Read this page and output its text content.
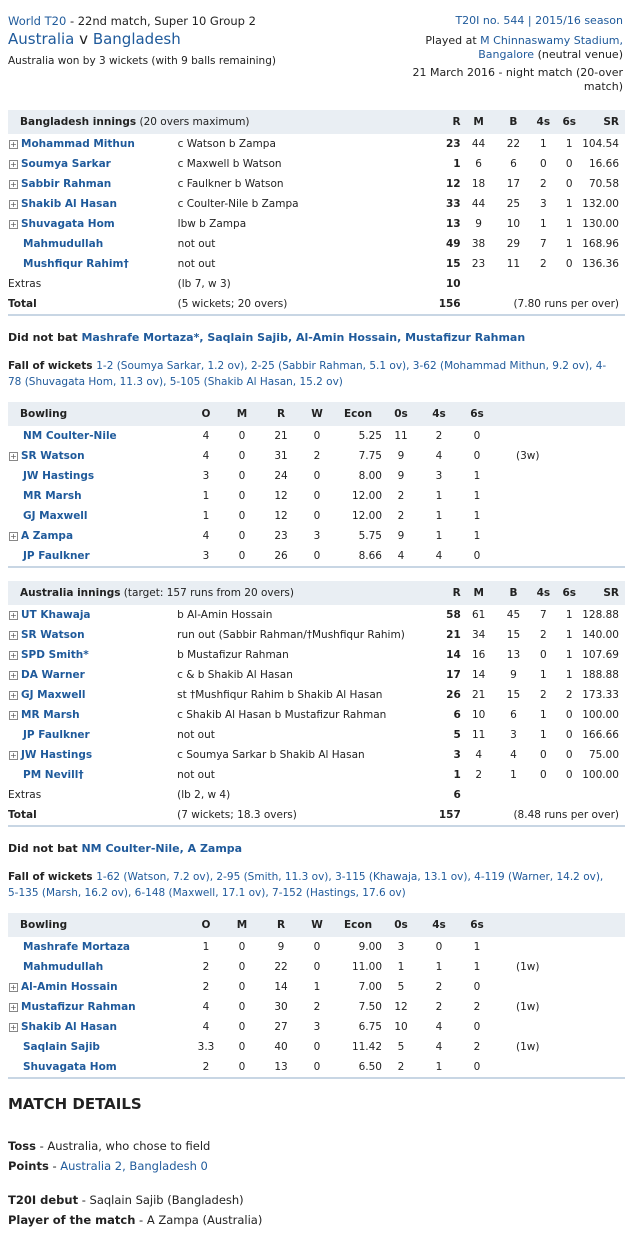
World T20 - 22nd match, Super 10 Group 2
Australia v Bangladesh
Australia won by 3 wickets (with 9 balls remaining)
T20I no. 544 | 2015/16 season
Played at M Chinnaswamy Stadium, Bangalore (neutral venue)
21 March 2016 - night match (20-over match)
Bangladesh innings (20 overs maximum)		R	M	B	4s	6s	SR
+ Mohammad Mithun	c Watson b Zampa	23	44	22	1	1	104.54
+ Soumya Sarkar	c Maxwell b Watson	1	6	6	0	0	16.66
+ Sabbir Rahman	c Faulkner b Watson	12	18	17	2	0	70.58
+ Shakib Al Hasan	c Coulter-Nile b Zampa	33	44	25	3	1	132.00
+ Shuvagata Hom	lbw b Zampa	13	9	10	1	1	130.00
Mahmudullah	not out	49	38	29	7	1	168.96
Mushfiqur Rahim†	not out	15	23	11	2	0	136.36
Extras	(lb 7, w 3)	10					
Total	(5 wickets; 20 overs)	156	(7.80 runs per over)				
Did not bat Mashrafe Mortaza*, Saqlain Sajib, Al-Amin Hossain, Mustafizur Rahman
Fall of wickets 1-2 (Soumya Sarkar, 1.2 ov), 2-25 (Sabbir Rahman, 5.1 ov), 3-62 (Mohammad Mithun, 9.2 ov), 4-78 (Shuvagata Hom, 11.3 ov), 5-105 (Shakib Al Hasan, 15.2 ov)
Bowling	O	M	R	W	Econ	0s	4s	6s	
NM Coulter-Nile	4	0	21	0	5.25	11	2	0	
+ SR Watson	4	0	31	2	7.75	9	4	0	(3w)
JW Hastings	3	0	24	0	8.00	9	3	1	
MR Marsh	1	0	12	0	12.00	2	1	1	
GJ Maxwell	1	0	12	0	12.00	2	1	1	
+ A Zampa	4	0	23	3	5.75	9	1	1	
JP Faulkner	3	0	26	0	8.66	4	4	0	
Australia innings (target: 157 runs from 20 overs)		R	M	B	4s	6s	SR
+ UT Khawaja	b Al-Amin Hossain	58	61	45	7	1	128.88
+ SR Watson	run out (Sabbir Rahman/†Mushfiqur Rahim)	21	34	15	2	1	140.00
+ SPD Smith*	b Mustafizur Rahman	14	16	13	0	1	107.69
+ DA Warner	c & b Shakib Al Hasan	17	14	9	1	1	188.88
+ GJ Maxwell	st †Mushfiqur Rahim b Shakib Al Hasan	26	21	15	2	2	173.33
+ MR Marsh	c Shakib Al Hasan b Mustafizur Rahman	6	10	6	1	0	100.00
JP Faulkner	not out	5	11	3	1	0	166.66
+ JW Hastings	c Soumya Sarkar b Shakib Al Hasan	3	4	4	0	0	75.00
PM Nevill†	not out	1	2	1	0	0	100.00
Extras	(lb 2, w 4)	6					
Total	(7 wickets; 18.3 overs)	157	(8.48 runs per over)				
Did not bat NM Coulter-Nile, A Zampa
Fall of wickets 1-62 (Watson, 7.2 ov), 2-95 (Smith, 11.3 ov), 3-115 (Khawaja, 13.1 ov), 4-119 (Warner, 14.2 ov), 5-135 (Marsh, 16.2 ov), 6-148 (Maxwell, 17.1 ov), 7-152 (Hastings, 17.6 ov)
Bowling	O	M	R	W	Econ	0s	4s	6s	
Mashrafe Mortaza	1	0	9	0	9.00	3	0	1	
Mahmudullah	2	0	22	0	11.00	1	1	1	(1w)
+ Al-Amin Hossain	2	0	14	1	7.00	5	2	0	
+ Mustafizur Rahman	4	0	30	2	7.50	12	2	2	(1w)
+ Shakib Al Hasan	4	0	27	3	6.75	10	4	0	
Saqlain Sajib	3.3	0	40	0	11.42	5	4	2	(1w)
Shuvagata Hom	2	0	13	0	6.50	2	1	0	
MATCH DETAILS
Toss - Australia, who chose to field
Points - Australia 2, Bangladesh 0
T20I debut - Saqlain Sajib (Bangladesh)
Player of the match - A Zampa (Australia)
